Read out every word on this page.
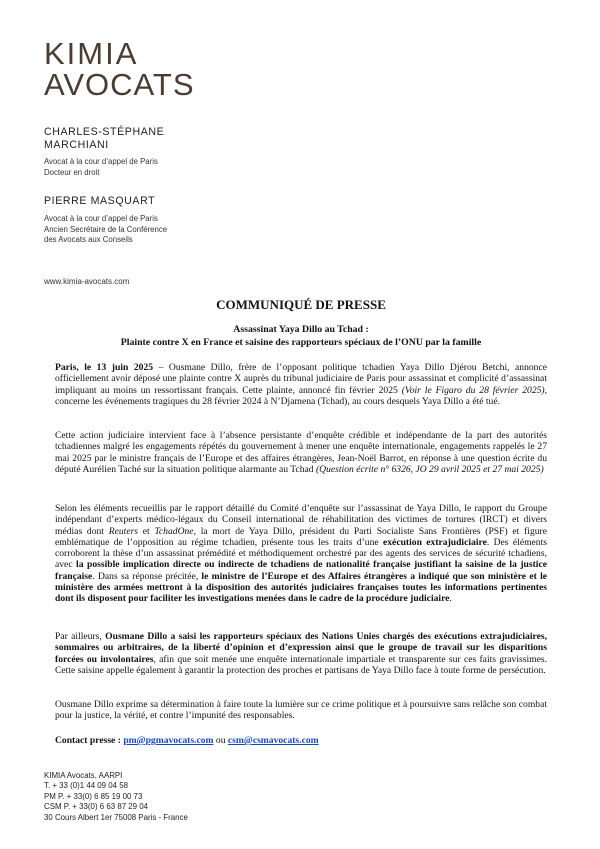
KIMIA
AVOCATS
CHARLES-STÉPHANE
MARCHIANI
Avocat à la cour d’appel de Paris
Docteur en droit
PIERRE MASQUART
Avocat à la cour d’appel de Paris
Ancien Secrétaire de la Conférence
des Avocats aux Conseils
www.kimia-avocats.com
COMMUNIQUÉ DE PRESSE
Assassinat Yaya Dillo au Tchad :
Plainte contre X en France et saisine des rapporteurs spéciaux de l’ONU par la famille
Paris, le 13 juin 2025 – Ousmane Dillo, frère de l’opposant politique tchadien Yaya Dillo Djérou Betchi, annonce officiellement avoir déposé une plainte contre X auprès du tribunal judiciaire de Paris pour assassinat et complicité d’assassinat impliquant au moins un ressortissant français. Cette plainte, annoncé fin février 2025 (Voir le Figaro du 28 février 2025), concerne les événements tragiques du 28 février 2024 à N’Djamena (Tchad), au cours desquels Yaya Dillo a été tué.
Cette action judiciaire intervient face à l’absence persistante d’enquête crédible et indépendante de la part des autorités tchadiennes malgré les engagements répétés du gouvernement à mener une enquête internationale, engagements rappelés le 27 mai 2025 par le ministre français de l’Europe et des affaires étrangères, Jean-Noël Barrot, en réponse à une question écrite du député Aurélien Taché sur la situation politique alarmante au Tchad (Question écrite n° 6326, JO 29 avril 2025 et 27 mai 2025)
Selon les éléments recueillis par le rapport détaillé du Comité d’enquête sur l’assassinat de Yaya Dillo, le rapport du Groupe indépendant d’experts médico-légaux du Conseil international de réhabilitation des victimes de tortures (IRCT) et divers médias dont Reuters et TchadOne, la mort de Yaya Dillo, président du Parti Socialiste Sans Frontières (PSF) et figure emblématique de l’opposition au régime tchadien, présente tous les traits d’une exécution extrajudiciaire. Des éléments corroborent la thèse d’un assassinat prémédité et méthodiquement orchestré par des agents des services de sécurité tchadiens, avec la possible implication directe ou indirecte de tchadiens de nationalité française justifiant la saisine de la justice française. Dans sa réponse précitée, le ministre de l’Europe et des Affaires étrangères a indiqué que son ministère et le ministère des armées mettront à la disposition des autorités judiciaires françaises toutes les informations pertinentes dont ils disposent pour faciliter les investigations menées dans le cadre de la procédure judiciaire.
Par ailleurs, Ousmane Dillo a saisi les rapporteurs spéciaux des Nations Unies chargés des exécutions extrajudiciaires, sommaires ou arbitraires, de la liberté d’opinion et d’expression ainsi que le groupe de travail sur les disparitions forcées ou involontaires, afin que soit menée une enquête internationale impartiale et transparente sur ces faits gravissimes. Cette saisine appelle également à garantir la protection des proches et partisans de Yaya Dillo face à toute forme de persécution.
Ousmane Dillo exprime sa détermination à faire toute la lumière sur ce crime politique et à poursuivre sans relâche son combat pour la justice, la vérité, et contre l’impunité des responsables.
Contact presse : pm@pgmavocats.com ou csm@csmavocats.com
KIMIA Avocats, AARPI
T. + 33 (0)1 44 09 04 58
PM P. + 33(0) 6 85 19 00 73
CSM P. + 33(0) 6 63 87 29 04
30 Cours Albert 1er 75008 Paris - France
